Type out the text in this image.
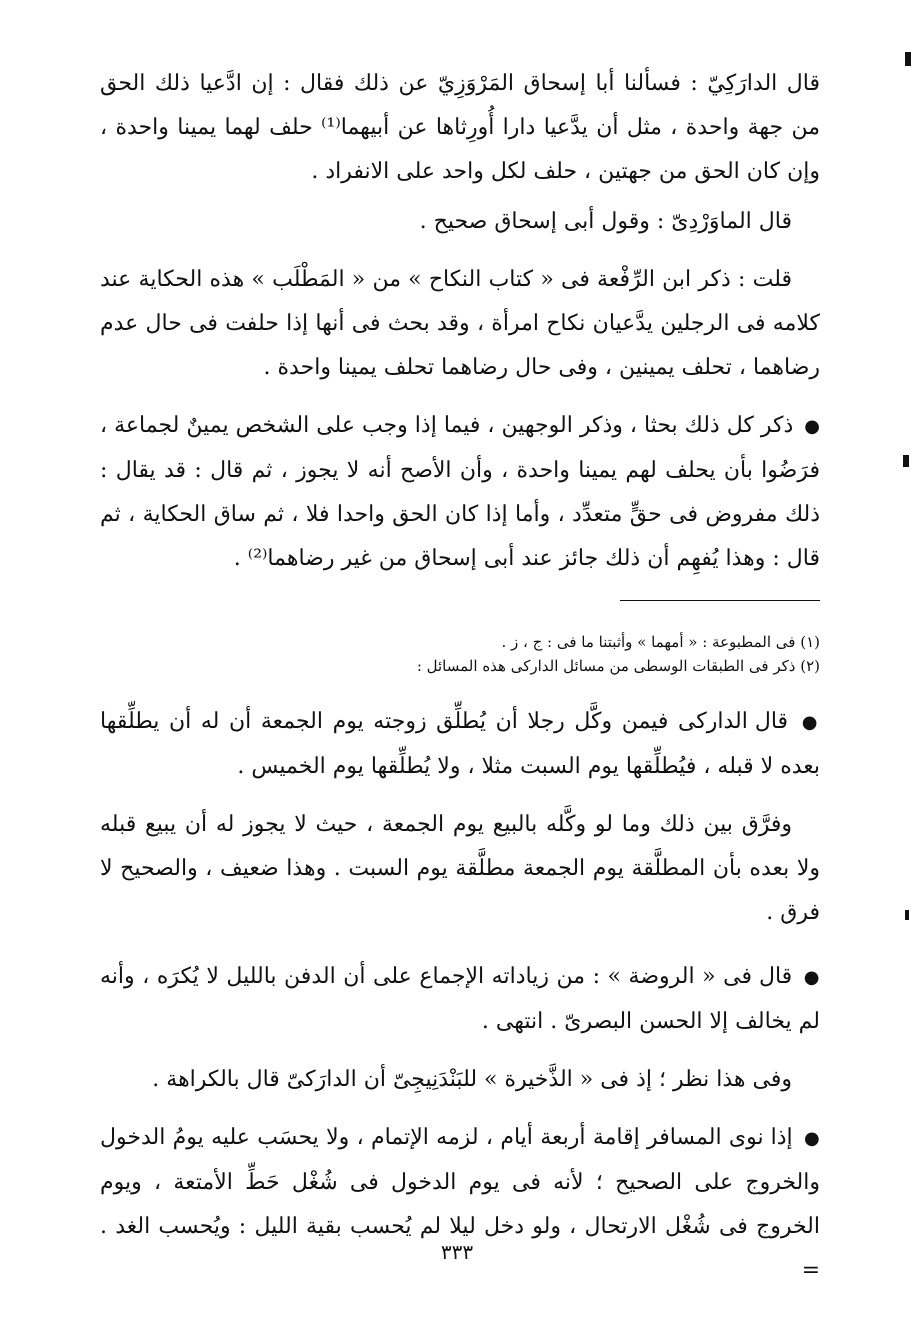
قال الدارَكِيّ : فسألنا أبا إسحاق المَرْوَزِيّ عن ذلك فقال : إن ادَّعيا ذلك الحق من جهة واحدة ، مثل أن يدَّعيا دارا أُورِثاها عن أبيهما⁽¹⁾ حلف لهما يمينا واحدة ، وإن كان الحق من جهتين ، حلف لكل واحد على الانفراد .

قال الماوَرْدِىّ : وقول أبى إسحاق صحيح .

قلت : ذكر ابن الرِّفْعة فى « كتاب النكاح » من « المَطْلَب » هذه الحكاية عند كلامه فى الرجلين يدَّعيان نكاح امرأة ، وقد بحث فى أنها إذا حلفت فى حال عدم رضاهما ، تحلف يمينين ، وفى حال رضاهما تحلف يمينا واحدة .

● ذكر كل ذلك بحثا ، وذكر الوجهين ، فيما إذا وجب على الشخص يمينٌ لجماعة ، فرَضُوا بأن يحلف لهم يمينا واحدة ، وأن الأصح أنه لا يجوز ، ثم قال : قد يقال : ذلك مفروض فى حقٍّ متعدِّد ، وأما إذا كان الحق واحدا فلا ، ثم ساق الحكاية ، ثم قال : وهذا يُفهِم أن ذلك جائز عند أبى إسحاق من غير رضاهما⁽²⁾ .

(١) فى المطبوعة : « أمهما » وأثبتنا ما فى : ج ، ز .

(٢) ذكر فى الطبقات الوسطى من مسائل الداركى هذه المسائل :

● قال الداركى فيمن وكَّل رجلا أن يُطلِّق زوجته يوم الجمعة أن له أن يطلِّقها بعده لا قبله ، فيُطلِّقها يوم السبت مثلا ، ولا يُطلِّقها يوم الخميس .

وفرَّق بين ذلك وما لو وكَّله بالبيع يوم الجمعة ، حيث لا يجوز له أن يبيع قبله ولا بعده بأن المطلَّقة يوم الجمعة مطلَّقة يوم السبت . وهذا ضعيف ، والصحيح لا فرق .

● قال فى « الروضة » : من زياداته الإجماع على أن الدفن بالليل لا يُكرَه ، وأنه لم يخالف إلا الحسن البصرىّ . انتهى .

وفى هذا نظر ؛ إذ فى « الذَّخيرة » للبَنْدَنِيجِىّ أن الدارَكىّ قال بالكراهة .

● إذا نوى المسافر إقامة أربعة أيام ، لزمه الإتمام ، ولا يحسَب عليه يومُ الدخول والخروج على الصحيح ؛ لأنه فى يوم الدخول فى شُغْل حَطِّ الأمتعة ، ويوم الخروج فى شُغْل الارتحال ، ولو دخل ليلا لم يُحسب بقية الليل : ويُحسب الغد . =

٣٣٣
